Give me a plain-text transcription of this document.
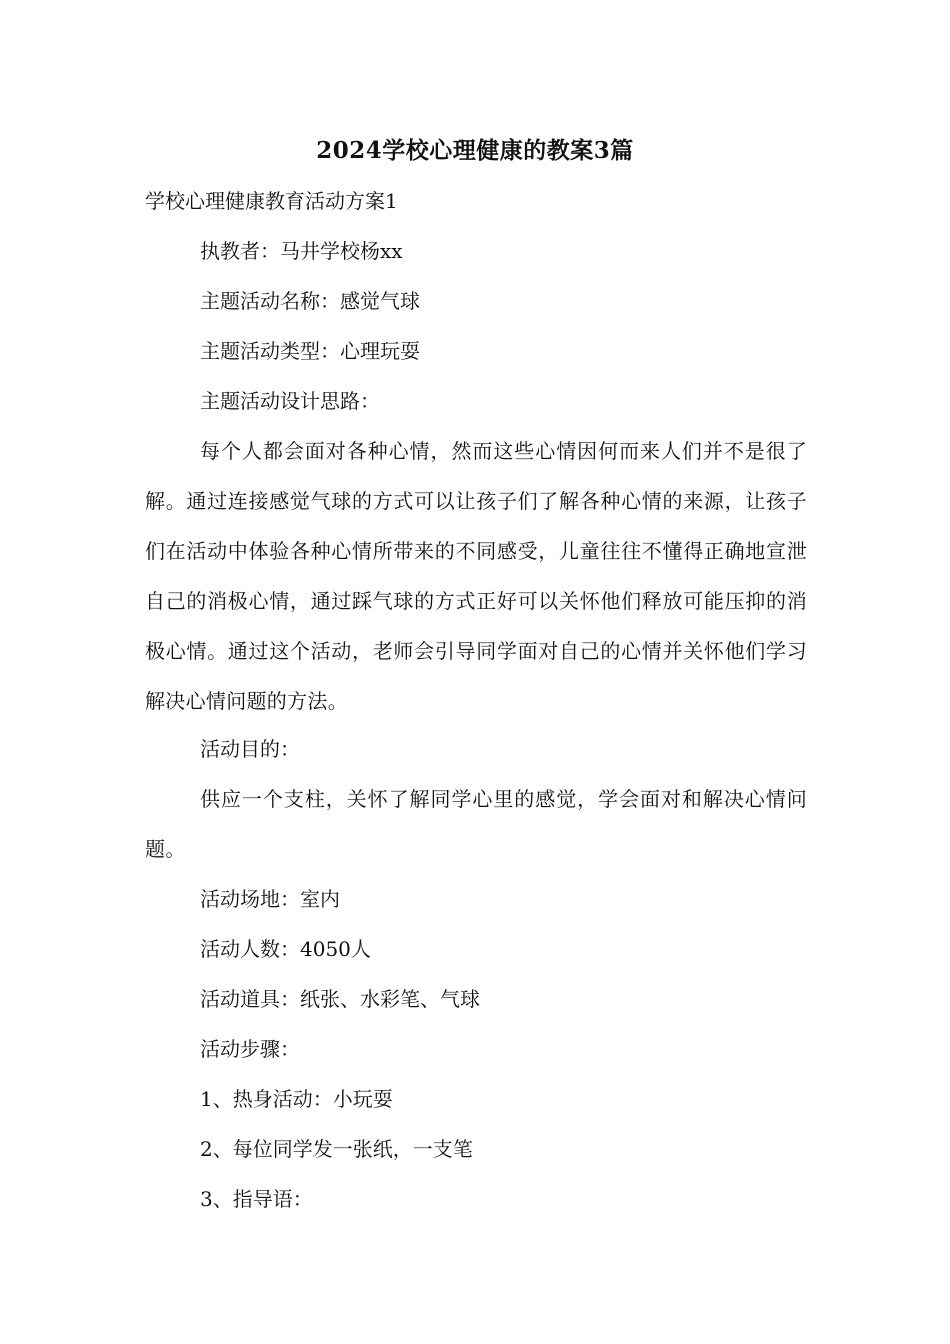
2024学校心理健康的教案3篇
学校心理健康教育活动方案1
执教者：马井学校杨xx
主题活动名称：感觉气球
主题活动类型：心理玩耍
主题活动设计思路：
每个人都会面对各种心情，然而这些心情因何而来人们并不是很了解。通过连接感觉气球的方式可以让孩子们了解各种心情的来源，让孩子们在活动中体验各种心情所带来的不同感受，儿童往往不懂得正确地宣泄自己的消极心情，通过踩气球的方式正好可以关怀他们释放可能压抑的消极心情。通过这个活动，老师会引导同学面对自己的心情并关怀他们学习解决心情问题的方法。
活动目的：
供应一个支柱，关怀了解同学心里的感觉，学会面对和解决心情问题。
活动场地：室内
活动人数：4050人
活动道具：纸张、水彩笔、气球
活动步骤：
1、热身活动：小玩耍
2、每位同学发一张纸，一支笔
3、指导语：
